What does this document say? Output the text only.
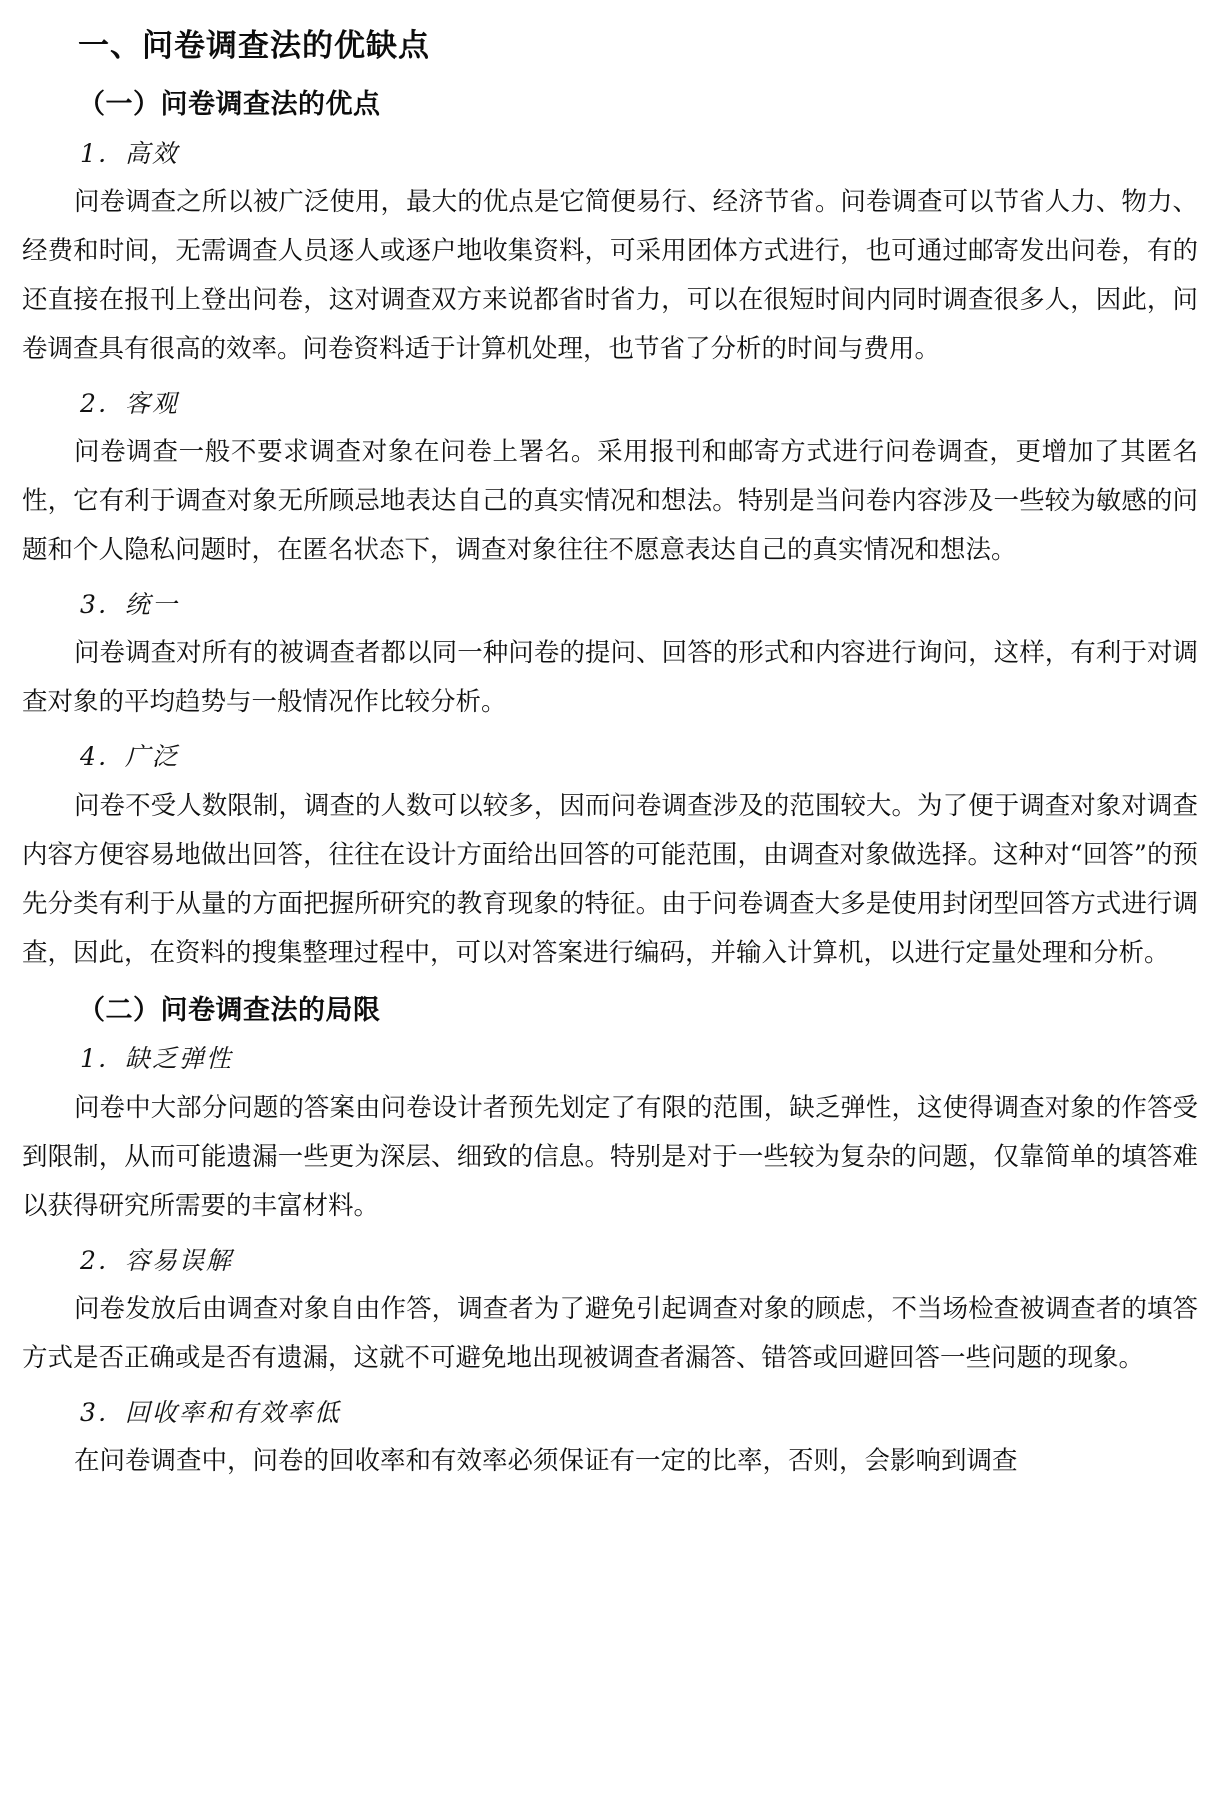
一、问卷调查法的优缺点
（一）问卷调查法的优点
1．高效

问卷调查之所以被广泛使用，最大的优点是它简便易行、经济节省。问卷调查可以节省人力、物力、经费和时间，无需调查人员逐人或逐户地收集资料，可采用团体方式进行，也可通过邮寄发出问卷，有的还直接在报刊上登出问卷，这对调查双方来说都省时省力，可以在很短时间内同时调查很多人，因此，问卷调查具有很高的效率。问卷资料适于计算机处理，也节省了分析的时间与费用。

2．客观

问卷调查一般不要求调查对象在问卷上署名。采用报刊和邮寄方式进行问卷调查，更增加了其匿名性，它有利于调查对象无所顾忌地表达自己的真实情况和想法。特别是当问卷内容涉及一些较为敏感的问题和个人隐私问题时，在匿名状态下，调查对象往往不愿意表达自己的真实情况和想法。

3．统一

问卷调查对所有的被调查者都以同一种问卷的提问、回答的形式和内容进行询问，这样，有利于对调查对象的平均趋势与一般情况作比较分析。

4．广泛

问卷不受人数限制，调查的人数可以较多，因而问卷调查涉及的范围较大。为了便于调查对象对调查内容方便容易地做出回答，往往在设计方面给出回答的可能范围，由调查对象做选择。这种对“回答”的预先分类有利于从量的方面把握所研究的教育现象的特征。由于问卷调查大多是使用封闭型回答方式进行调查，因此，在资料的搜集整理过程中，可以对答案进行编码，并输入计算机，以进行定量处理和分析。

（二）问卷调查法的局限
1．缺乏弹性

问卷中大部分问题的答案由问卷设计者预先划定了有限的范围，缺乏弹性，这使得调查对象的作答受到限制，从而可能遗漏一些更为深层、细致的信息。特别是对于一些较为复杂的问题，仅靠简单的填答难以获得研究所需要的丰富材料。

2．容易误解

问卷发放后由调查对象自由作答，调查者为了避免引起调查对象的顾虑，不当场检查被调查者的填答方式是否正确或是否有遗漏，这就不可避免地出现被调查者漏答、错答或回避回答一些问题的现象。

3．回收率和有效率低

在问卷调查中，问卷的回收率和有效率必须保证有一定的比率，否则，会影响到调查
